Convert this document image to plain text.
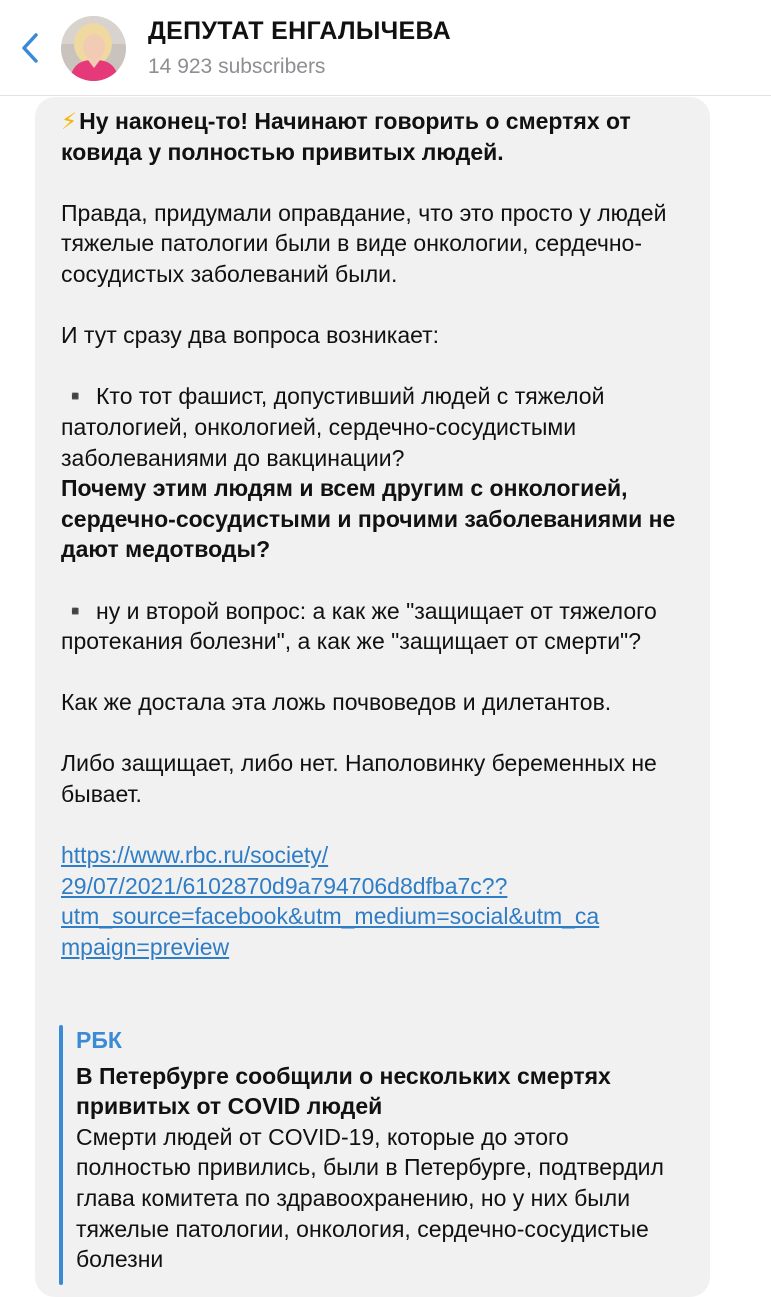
ДЕПУТАТ ЕНГАЛЫЧЕВА
14 923 subscribers

⚡Ну наконец-то! Начинают говорить о смертях от ковида у полностью привитых людей.

Правда, придумали оправдание, что это просто у людей тяжелые патологии были в виде онкологии, сердечно-сосудистых заболеваний были.

И тут сразу два вопроса возникает:

▪️ Кто тот фашист, допустивший людей с тяжелой патологией, онкологией, сердечно-сосудистыми заболеваниями до вакцинации?

Почему этим людям и всем другим с онкологией, сердечно-сосудистыми и прочими заболеваниями не дают медотводы?

▪️ ну и второй вопрос: а как же "защищает от тяжелого протекания болезни", а как же "защищает от смерти"?

Как же достала эта ложь почвоведов и дилетантов.

Либо защищает, либо нет. Наполовинку беременных не бывает.

https://www.rbc.ru/society/
29/07/2021/6102870d9a794706d8dfba7c??
utm_source=facebook&utm_medium=social&utm_ca
mpaign=preview

РБК
В Петербурге сообщили о нескольких смертях привитых от COVID людей
Смерти людей от COVID-19, которые до этого полностью привились, были в Петербурге, подтвердил глава комитета по здравоохранению, но у них были тяжелые патологии, онкология, сердечно-сосудистые болезни
